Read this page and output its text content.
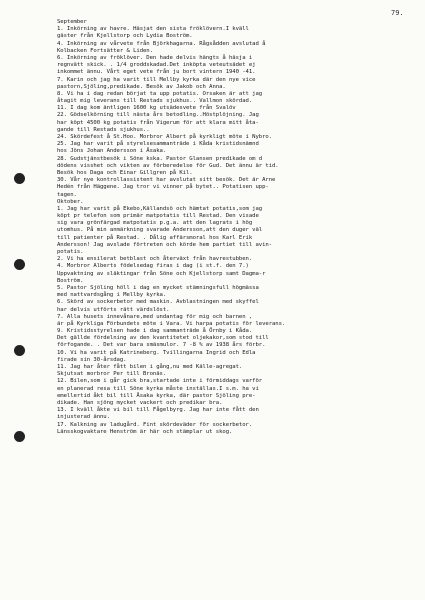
79.
September
1. Inkörning av havre. Häsjat den sista fröklövern.I kväll
gäster från Kjellstorp och Lydia Boström.
4. Inkörning av vårvete från Björkhagarna. Rågsådden avslutad å
Kolbacken Fortsätter & Liden.
6. Inkörning av fröklöver. Den hade delvis hängts å häsja i
regnvätt skick. . 1/4 groddskadad.Det inköpta veteutsädet ej
inkommet ännu. Vårt eget vete från ju bort vintern 1940 -41.
7. Karin och jag ha varit till Mellby kyrka där den nye vice
pastorn,Sjöling,predikade. Besök av Jakob och Anna.
8. Vi ha i dag redan börjat ta upp potatis. Orsaken är att jag
åtagit mig leverans till Restads sjukhus.. Vallmon skördad.
11. I dag kom äntligen 1600 kg utsädesvete från Svalöv
22. Gödselkörning till nästa års betodling..Höstplöjning. Jag
har köpt 4500 kg potatis från Vigerum för att klara mitt åta-
gande till Restads sjukhus..
24. Skördefest å St.Hoo. Morbror Albert på kyrkligt möte i Nybro.
25. Jag har varit på styrelsesammanträde i Kåda kristidsnämnd
hos Jöns Johan Andersson i Äsaka.
28. Gudstjänstbesök i Söne kska. Pastor Glansen predikade om d
dödens visshet och vikten av förberedelse för Gud. Det ännu är tid.
Besök hos Daga och Einar Gillgren på Kil.
30. Vår nye kontrollassistent har avslutat sitt besök. Det är Arne
Hedén från Häggene. Jag tror vi vinner på bytet.. Potatisen upp-
tagen.
Oktober.
1. Jag har varit på Ekebo,Källandsö och hämtat potatis,som jag
köpt pr telefon som primär matpotatis till Restad. Den visade
sig vara grönfärgad matpotatis p.g.a. att den lagrats i hög
utomhus. På min anmärkning svarade Andersson,att den duger väl
till patienter på Restad. . Dålig affärsmoral hos Karl Erik
Andersson! Jag avslade förtreten och körde hem partiet till avin-
potatis.
2. Vi ha ensilerat betblast och återväxt från havrestubben.
4. Morbror Alberts födelsedag firas i dag (i st.f. den 7.)
Uppvaktning av släktingar från Söne och Kjellstorp samt Dagma-r
Boström.
5. Pastor Sjöling höll i dag en mycket stämningsfull högmässa
med nattvardsgång i Mellby kyrka.
6. Skörd av sockerbetor med maskin. Avblastningen med skyffel
har delvis utförts rätt värdslöst.
7. Alla husets innevånare,med undantag för mig och barnen ,
är på Kyrkliga Förbundets möte i Vara. Vi harpa potatis för leverans.
9. Kristidsstyrelsen hade i dag sammanträde å Örnby i Kåda.
Det gällde fördelning av den kvantitetet oljekakor,som stod till
förfogande. . Det var bara smäsmulor. 7 -8 % av 1938 års förbr.
10. Vi ha varit på Katrineberg. Tvillingarna Ingrid och Edla
firade sin 30-årsdag.
11. Jag har åter fått bilen i gång,nu med Källe-agregat.
Skjutsat morbror Per till Bronäs.
12. Bilen,som i går gick bra,startade inte i förmiddags varför
en planerad resa till Söne kyrka måste inställas.I s.m. ha vi
emellertid åkt bil till Åsaka kyrka, där pastor Sjöling pre-
dikade. Han sjöng mycket vackert och predikar bra.
13. I kväll åkte vi bil till Fågelbyrg. Jag har inte fått den
injusterad ännu.
17. Kalkning av ladugård. Fint skördeväder för sockerbetor.
Länsskogvaktare Henström är här och stämplar ut skog.
